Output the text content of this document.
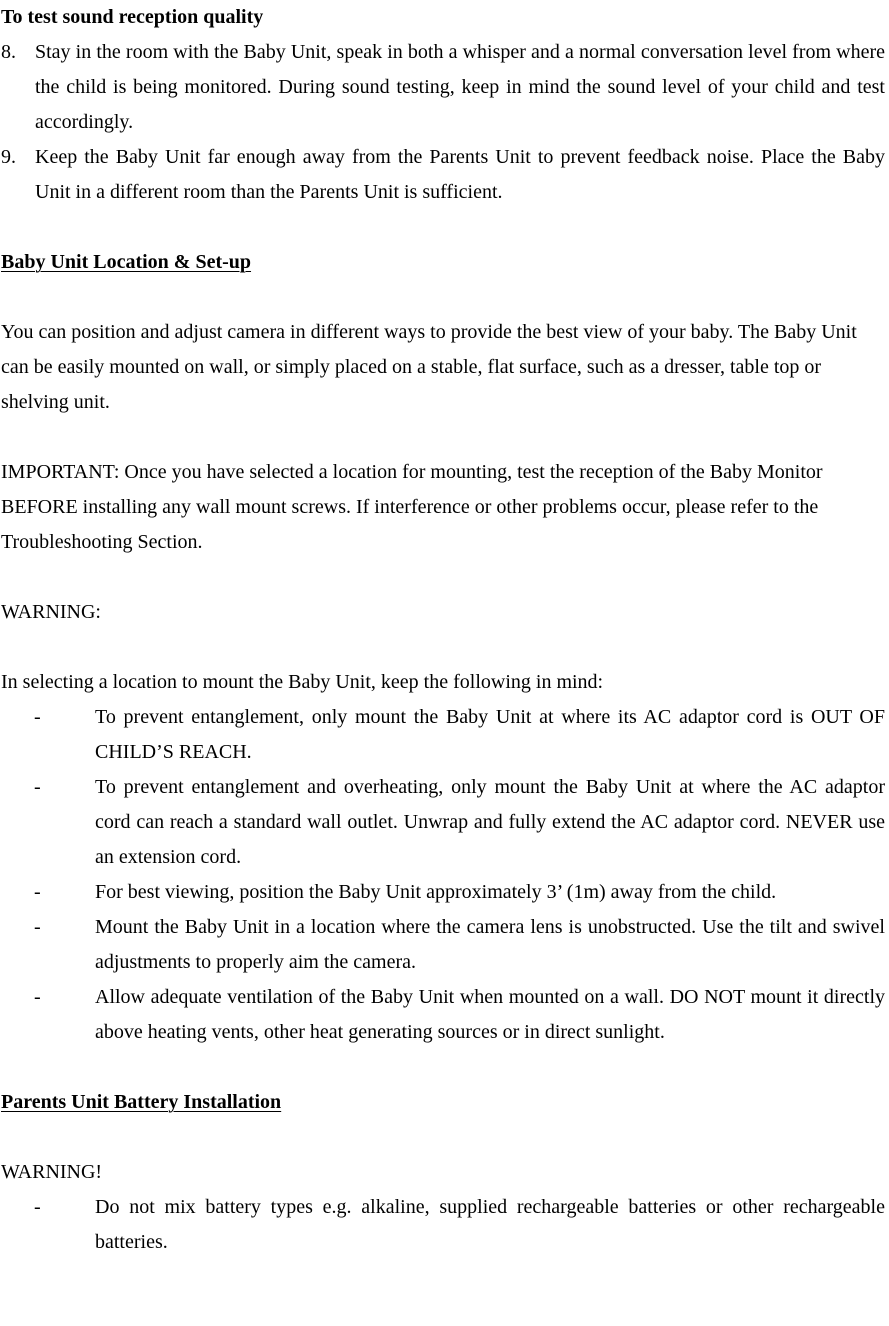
To test sound reception quality
8. Stay in the room with the Baby Unit, speak in both a whisper and a normal conversation level from where the child is being monitored. During sound testing, keep in mind the sound level of your child and test accordingly.
9. Keep the Baby Unit far enough away from the Parents Unit to prevent feedback noise. Place the Baby Unit in a different room than the Parents Unit is sufficient.
Baby Unit Location & Set-up
You can position and adjust camera in different ways to provide the best view of your baby. The Baby Unit can be easily mounted on wall, or simply placed on a stable, flat surface, such as a dresser, table top or shelving unit.
IMPORTANT: Once you have selected a location for mounting, test the reception of the Baby Monitor BEFORE installing any wall mount screws. If interference or other problems occur, please refer to the Troubleshooting Section.
WARNING:
In selecting a location to mount the Baby Unit, keep the following in mind:
-	To prevent entanglement, only mount the Baby Unit at where its AC adaptor cord is OUT OF CHILD’S REACH.
-	To prevent entanglement and overheating, only mount the Baby Unit at where the AC adaptor cord can reach a standard wall outlet. Unwrap and fully extend the AC adaptor cord. NEVER use an extension cord.
-	For best viewing, position the Baby Unit approximately 3’ (1m) away from the child.
-	Mount the Baby Unit in a location where the camera lens is unobstructed. Use the tilt and swivel adjustments to properly aim the camera.
-	Allow adequate ventilation of the Baby Unit when mounted on a wall. DO NOT mount it directly above heating vents, other heat generating sources or in direct sunlight.
Parents Unit Battery Installation
WARNING!
-	Do not mix battery types e.g. alkaline, supplied rechargeable batteries or other rechargeable batteries.
